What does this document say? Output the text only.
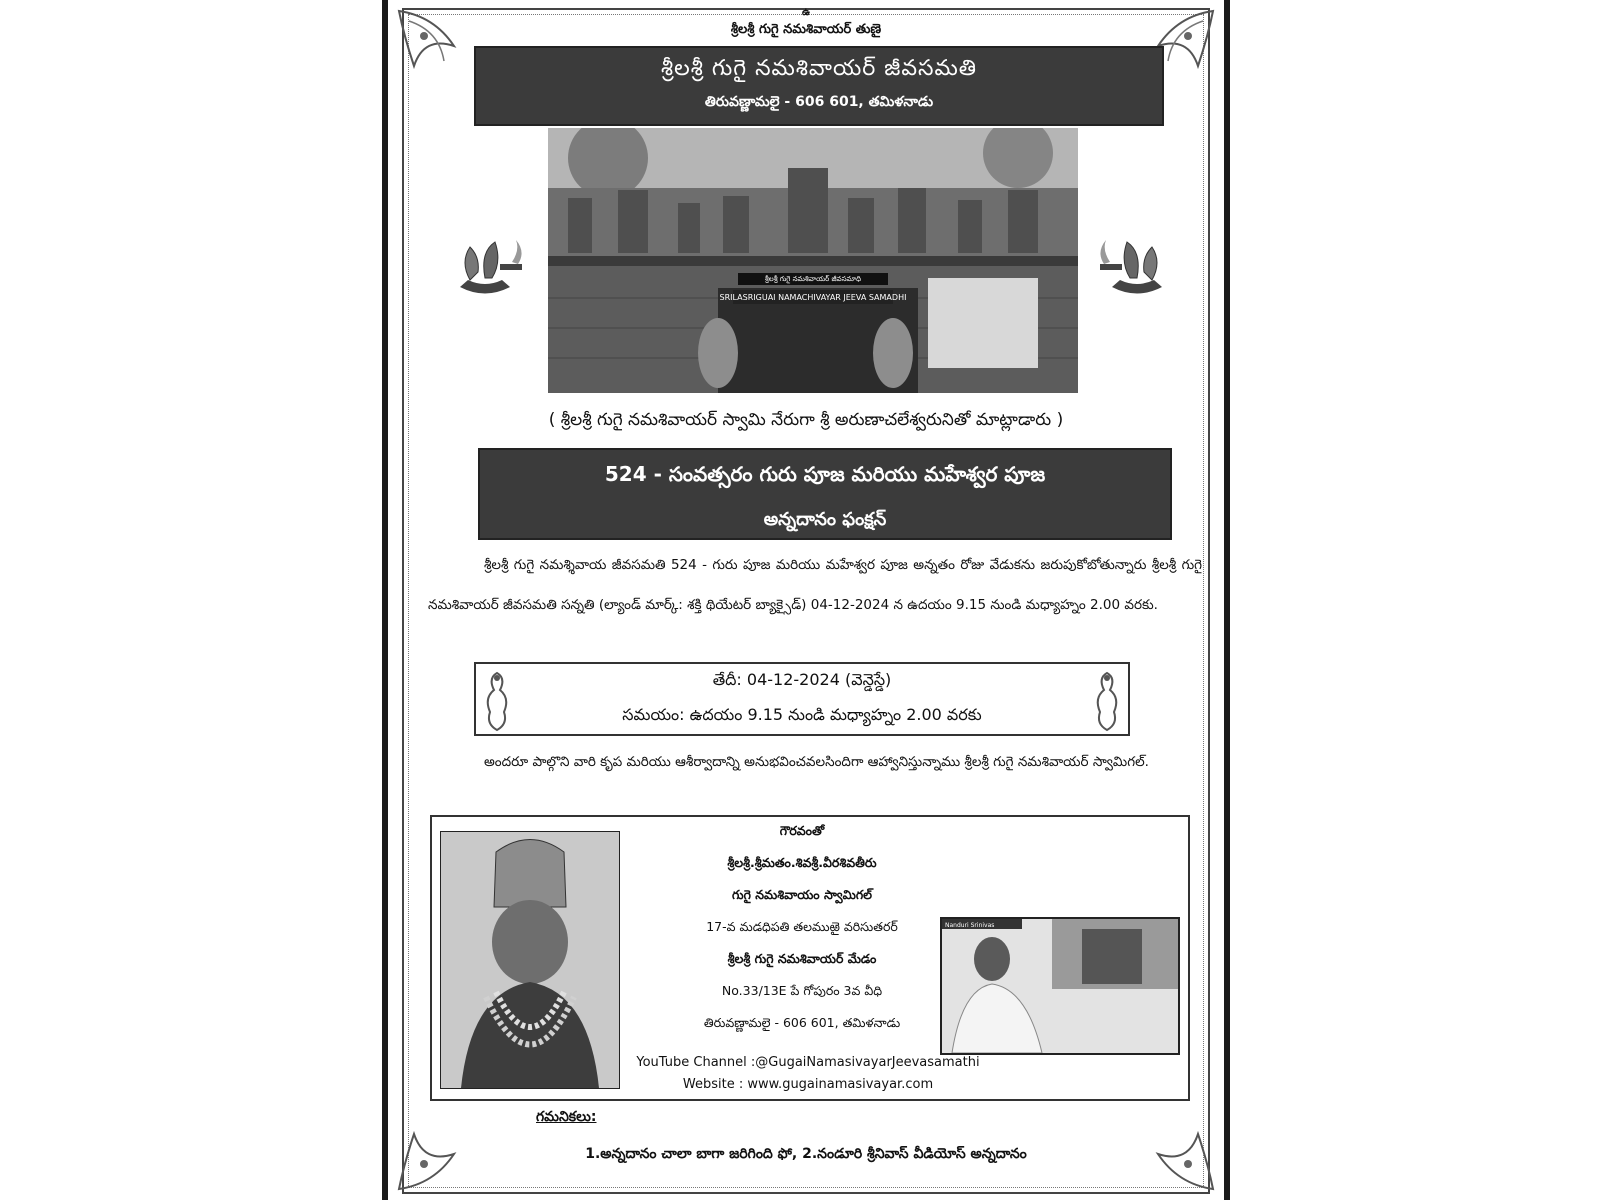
ఉ
శ్రీలశ్రీ గుగై నమశివాయర్ తుణై
శ్రీలశ్రీ గుగై నమశివాయర్ జీవసమతి
తిరువణ్ణామలై - 606 601, తమిళనాడు
శ్రీలశ్రీ గుగై నమశివాయర్ జీవసమాధి
SRILASRIGUAI NAMACHIVAYAR JEEVA SAMADHI
( శ్రీలశ్రీ గుగై నమశివాయర్ స్వామి నేరుగా శ్రీ అరుణాచలేశ్వరునితో మాట్లాడారు )
524 - సంవత్సరం గురు పూజ మరియు మహేశ్వర పూజ
అన్నదానం ఫంక్షన్
శ్రీలశ్రీ గుగై నమశ్శివాయ జీవసమతి 524 - గురు పూజ మరియు మహేశ్వర పూజ అన్నతం రోజు వేడుకను జరుపుకోబోతున్నారు శ్రీలశ్రీ గుగై నమశివాయర్ జీవసమతి సన్నతి (ల్యాండ్ మార్క్: శక్తి థియేటర్ బ్యాక్సైడ్) 04-12-2024 న ఉదయం 9.15 నుండి మధ్యాహ్నం 2.00 వరకు.
తేదీ: 04-12-2024 (వెన్డెస్డే)
సమయం: ఉదయం 9.15 నుండి మధ్యాహ్నం 2.00 వరకు
అందరూ పాల్గొని వారి కృప మరియు ఆశీర్వాదాన్ని అనుభవించవలసిందిగా ఆహ్వానిస్తున్నాము శ్రీలశ్రీ గుగై నమశివాయర్ స్వామిగల్.
గౌరవంతో
శ్రీలశ్రీ.శ్రీమతం.శివశ్రీ.వీరశివతీరు
గుగై నమశివాయం స్వామిగల్
17-వ మడధిపతి తలముఱై వరిసుతరర్
శ్రీలశ్రీ గుగై నమశివాయర్ మేడం
No.33/13E పే గోపురం 3వ వీధి
తిరువణ్ణామలై - 606 601, తమిళనాడు
Nanduri Srinivas
YouTube Channel :@GugaiNamasivayarJeevasamathi
Website : www.gugainamasivayar.com
గమనికలు:
1.అన్నదానం చాలా బాగా జరిగింది ఫో, 2.నండూరి శ్రీనివాస్ వీడియోస్ అన్నదానం
